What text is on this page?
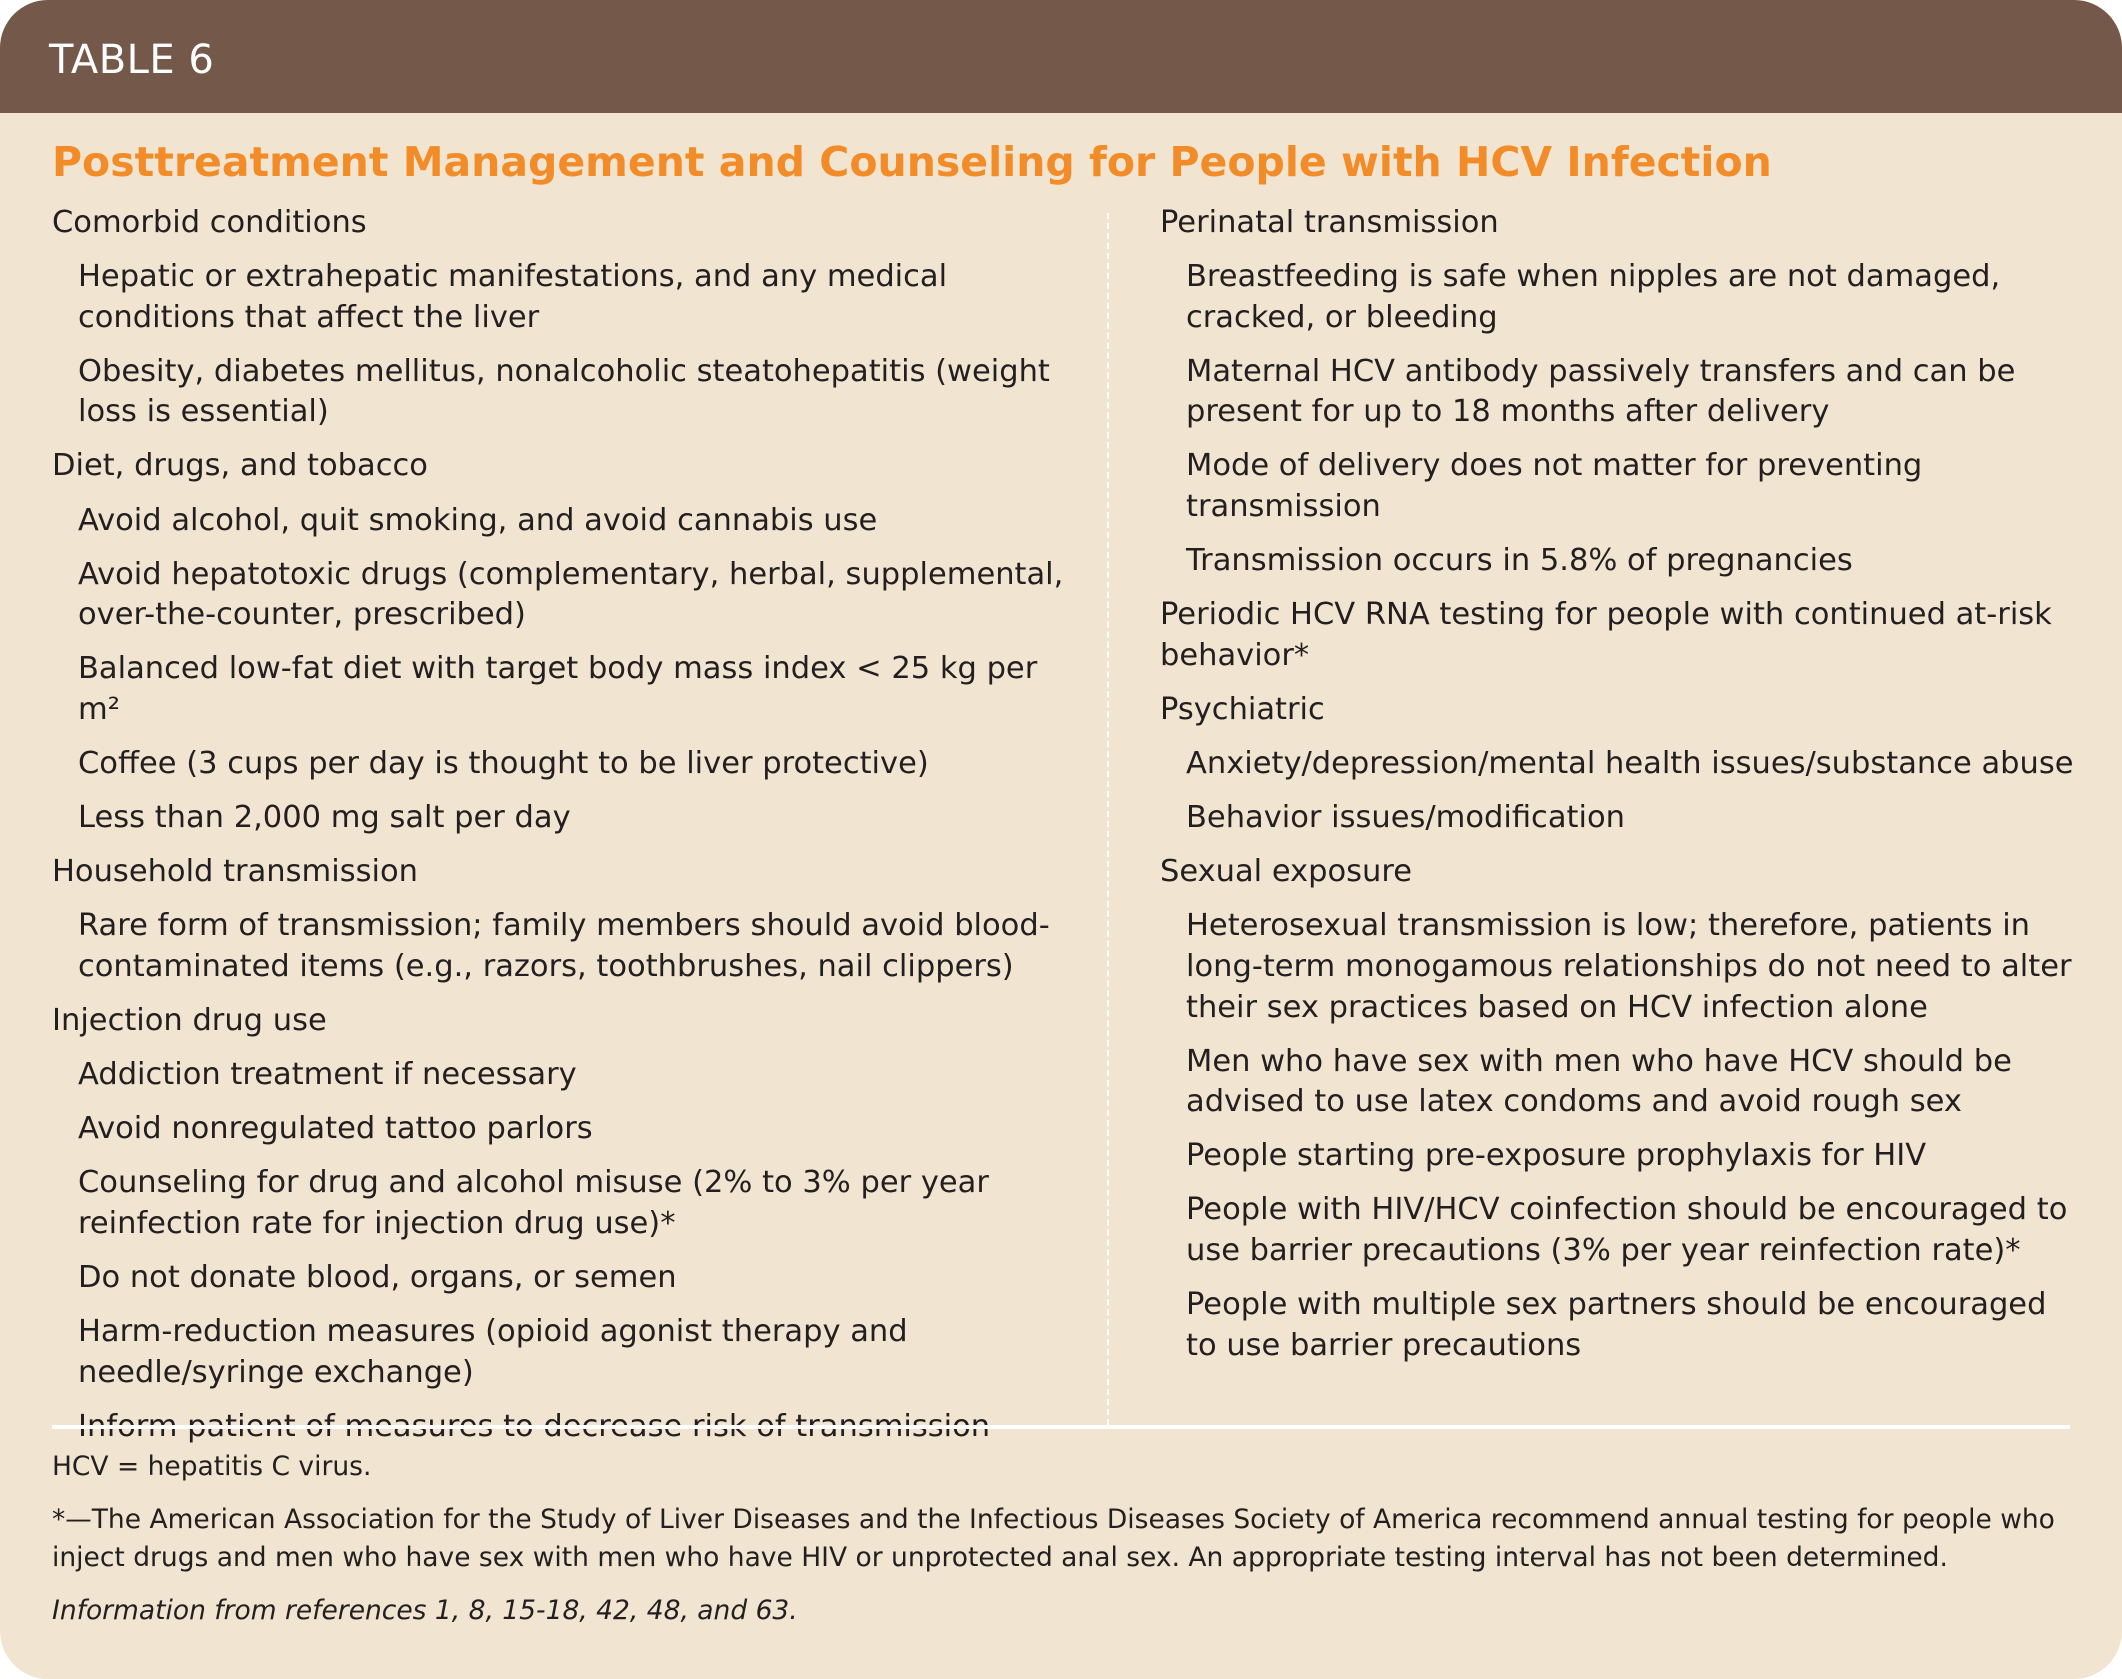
TABLE 6
Posttreatment Management and Counseling for People with HCV Infection
Comorbid conditions
Hepatic or extrahepatic manifestations, and any medical conditions that affect the liver
Obesity, diabetes mellitus, nonalcoholic steatohepatitis (weight loss is essential)
Diet, drugs, and tobacco
Avoid alcohol, quit smoking, and avoid cannabis use
Avoid hepatotoxic drugs (complementary, herbal, supplemental, over-the-counter, prescribed)
Balanced low-fat diet with target body mass index < 25 kg per m²
Coffee (3 cups per day is thought to be liver protective)
Less than 2,000 mg salt per day
Household transmission
Rare form of transmission; family members should avoid blood-contaminated items (e.g., razors, toothbrushes, nail clippers)
Injection drug use
Addiction treatment if necessary
Avoid nonregulated tattoo parlors
Counseling for drug and alcohol misuse (2% to 3% per year reinfection rate for injection drug use)*
Do not donate blood, organs, or semen
Harm-reduction measures (opioid agonist therapy and needle/syringe exchange)
Inform patient of measures to decrease risk of transmission
Perinatal transmission
Breastfeeding is safe when nipples are not damaged, cracked, or bleeding
Maternal HCV antibody passively transfers and can be present for up to 18 months after delivery
Mode of delivery does not matter for preventing transmission
Transmission occurs in 5.8% of pregnancies
Periodic HCV RNA testing for people with continued at-risk behavior*
Psychiatric
Anxiety/depression/mental health issues/substance abuse
Behavior issues/modification
Sexual exposure
Heterosexual transmission is low; therefore, patients in long-term monogamous relationships do not need to alter their sex practices based on HCV infection alone
Men who have sex with men who have HCV should be advised to use latex condoms and avoid rough sex
People starting pre-exposure prophylaxis for HIV
People with HIV/HCV coinfection should be encouraged to use barrier precautions (3% per year reinfection rate)*
People with multiple sex partners should be encouraged to use barrier precautions

HCV = hepatitis C virus.

*—The American Association for the Study of Liver Diseases and the Infectious Diseases Society of America recommend annual testing for people who inject drugs and men who have sex with men who have HIV or unprotected anal sex. An appropriate testing interval has not been determined.

Information from references 1, 8, 15-18, 42, 48, and 63.
